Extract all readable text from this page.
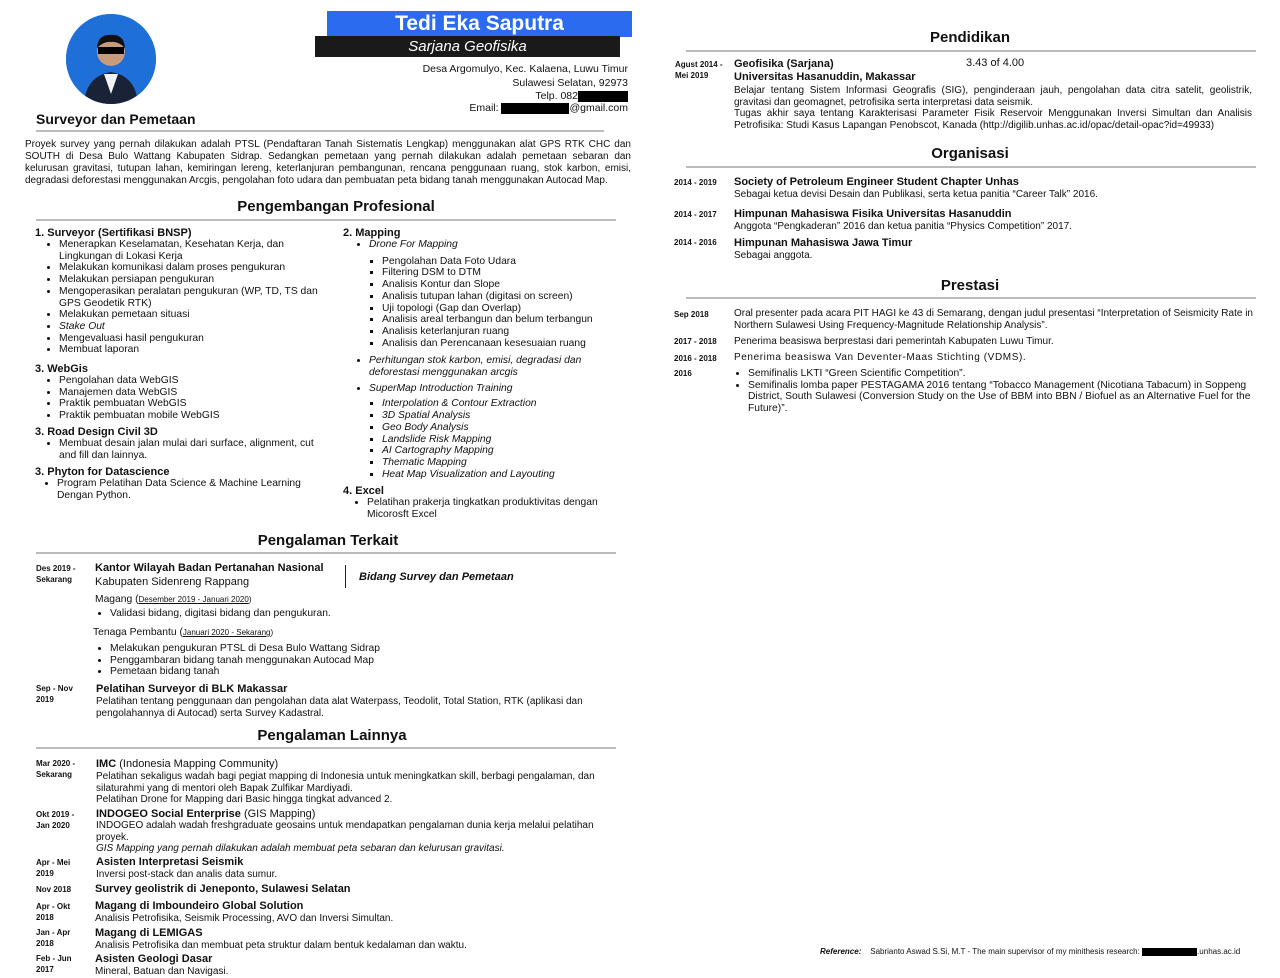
Tedi Eka Saputra
Sarjana Geofisika
Desa Argomulyo, Kec. Kalaena, Luwu Timur
Sulawesi Selatan, 92973
Telp. 082
Email:	@gmail.com
Surveyor dan Pemetaan
Proyek survey yang pernah dilakukan adalah PTSL (Pendaftaran Tanah Sistematis Lengkap) menggunakan alat GPS RTK CHC dan SOUTH di Desa Bulo Wattang Kabupaten Sidrap. Sedangkan pemetaan yang pernah dilakukan adalah pemetaan sebaran dan kelurusan gravitasi, tutupan lahan, kemiringan lereng, keterlanjuran pembangunan, rencana penggunaan ruang, stok karbon, emisi, degradasi deforestasi menggunakan Arcgis, pengolahan foto udara dan pembuatan peta bidang tanah menggunakan Autocad Map.
Pengembangan Profesional
1. Surveyor (Sertifikasi BNSP)
• Menerapkan Keselamatan, Kesehatan Kerja, dan Lingkungan di Lokasi Kerja
• Melakukan komunikasi dalam proses pengukuran
• Melakukan persiapan pengukuran
• Mengoperasikan peralatan pengukuran (WP, TD, TS dan GPS Geodetik RTK)
• Melakukan pemetaan situasi
• Stake Out
• Mengevaluasi hasil pengukuran
• Membuat laporan
3. WebGis
• Pengolahan data WebGIS
• Manajemen data WebGIS
• Praktik pembuatan WebGIS
• Praktik pembuatan mobile WebGIS
3. Road Design Civil 3D
• Membuat desain jalan mulai dari surface, alignment, cut and fill dan lainnya.
3. Phyton for Datascience
• Program Pelatihan Data Science & Machine Learning Dengan Python.
2. Mapping
• Drone For Mapping
▪ Pengolahan Data Foto Udara
▪ Filtering DSM to DTM
▪ Analisis Kontur dan Slope
▪ Analisis tutupan lahan (digitasi on screen)
▪ Uji topologi (Gap dan Overlap)
▪ Analisis areal terbangun dan belum terbangun
▪ Analisis keterlanjuran ruang
▪ Analisis dan Perencanaan kesesuaian ruang
• Perhitungan stok karbon, emisi, degradasi dan deforestasi menggunakan arcgis
• SuperMap Introduction Training
▪ Interpolation & Contour Extraction
▪ 3D Spatial Analysis
▪ Geo Body Analysis
▪ Landslide Risk Mapping
▪ AI Cartography Mapping
▪ Thematic Mapping
▪ Heat Map Visualization and Layouting
4. Excel
• Pelatihan prakerja tingkatkan produktivitas dengan Micorosft Excel
Pengalaman Terkait
Des 2019 - Sekarang
Kantor Wilayah Badan Pertanahan Nasional
Kabupaten Sidenreng Rappang	Bidang Survey dan Pemetaan
Magang (Desember 2019 - Januari 2020)
• Validasi bidang, digitasi bidang dan pengukuran.
Tenaga Pembantu (Januari 2020 - Sekarang)
• Melakukan pengukuran PTSL di Desa Bulo Wattang Sidrap
• Penggambaran bidang tanah menggunakan Autocad Map
• Pemetaan bidang tanah
Sep - Nov 2019
Pelatihan Surveyor di BLK Makassar
Pelatihan tentang penggunaan dan pengolahan data alat Waterpass, Teodolit, Total Station, RTK (aplikasi dan pengolahannya di Autocad) serta Survey Kadastral.
Pengalaman Lainnya
Mar 2020 - Sekarang
IMC (Indonesia Mapping Community)
Pelatihan sekaligus wadah bagi pegiat mapping di Indonesia untuk meningkatkan skill, berbagi pengalaman, dan silaturahmi yang di mentori oleh Bapak Zulfikar Mardiyadi.
Pelatihan Drone for Mapping dari Basic hingga tingkat advanced 2.
Okt 2019 - Jan 2020
INDOGEO Social Enterprise (GIS Mapping)
INDOGEO adalah wadah freshgraduate geosains untuk mendapatkan pengalaman dunia kerja melalui pelatihan proyek.
GIS Mapping yang pernah dilakukan adalah membuat peta sebaran dan kelurusan gravitasi.
Apr - Mei 2019
Asisten Interpretasi Seismik
Inversi post-stack dan analis data sumur.
Nov 2018	Survey geolistrik di Jeneponto, Sulawesi Selatan
Apr - Okt 2018
Magang di Imboundeiro Global Solution
Analisis Petrofisika, Seismik Processing, AVO dan Inversi Simultan.
Jan - Apr 2018
Magang di LEMIGAS
Analisis Petrofisika dan membuat peta struktur dalam bentuk kedalaman dan waktu.
Feb - Jun 2017
Asisten Geologi Dasar
Mineral, Batuan dan Navigasi.
Pendidikan
Agust 2014 - Mei 2019
Geofisika (Sarjana)	3.43 of 4.00
Universitas Hasanuddin, Makassar
Belajar tentang Sistem Informasi Geografis (SIG), penginderaan jauh, pengolahan data citra satelit, geolistrik, gravitasi dan geomagnet, petrofisika serta interpretasi data seismik.
Tugas akhir saya tentang Karakterisasi Parameter Fisik Reservoir Menggunakan Inversi Simultan dan Analisis Petrofisika: Studi Kasus Lapangan Penobscot, Kanada (http://digilib.unhas.ac.id/opac/detail-opac?id=49933)
Organisasi
2014 - 2019 Society of Petroleum Engineer Student Chapter Unhas
Sebagai ketua devisi Desain dan Publikasi, serta ketua panitia “Career Talk” 2016.
2014 - 2017 Himpunan Mahasiswa Fisika Universitas Hasanuddin
Anggota “Pengkaderan” 2016 dan ketua panitia “Physics Competition” 2017.
2014 - 2016 Himpunan Mahasiswa Jawa Timur
Sebagai anggota.
Prestasi
Sep 2018	Oral presenter pada acara PIT HAGI ke 43 di Semarang, dengan judul presentasi “Interpretation of Seismicity Rate in Northern Sulawesi Using Frequency-Magnitude Relationship Analysis”.
2017 - 2018 Penerima beasiswa berprestasi dari pemerintah Kabupaten Luwu Timur.
2016 - 2018 Penerima beasiswa Van Deventer-Maas Stichting (VDMS).
2016
•	Semifinalis LKTI “Green Scientific Competition”.
• Semifinalis lomba paper PESTAGAMA 2016 tentang “Tobacco Management (Nicotiana Tabacum) in Soppeng District, South Sulawesi (Conversion Study on the Use of BBM into BBN / Biofuel as an Alternative Fuel for the Future)”.
Reference: Sabrianto Aswad S.Si, M.T - The main supervisor of my minithesis research:	.unhas.ac.id
